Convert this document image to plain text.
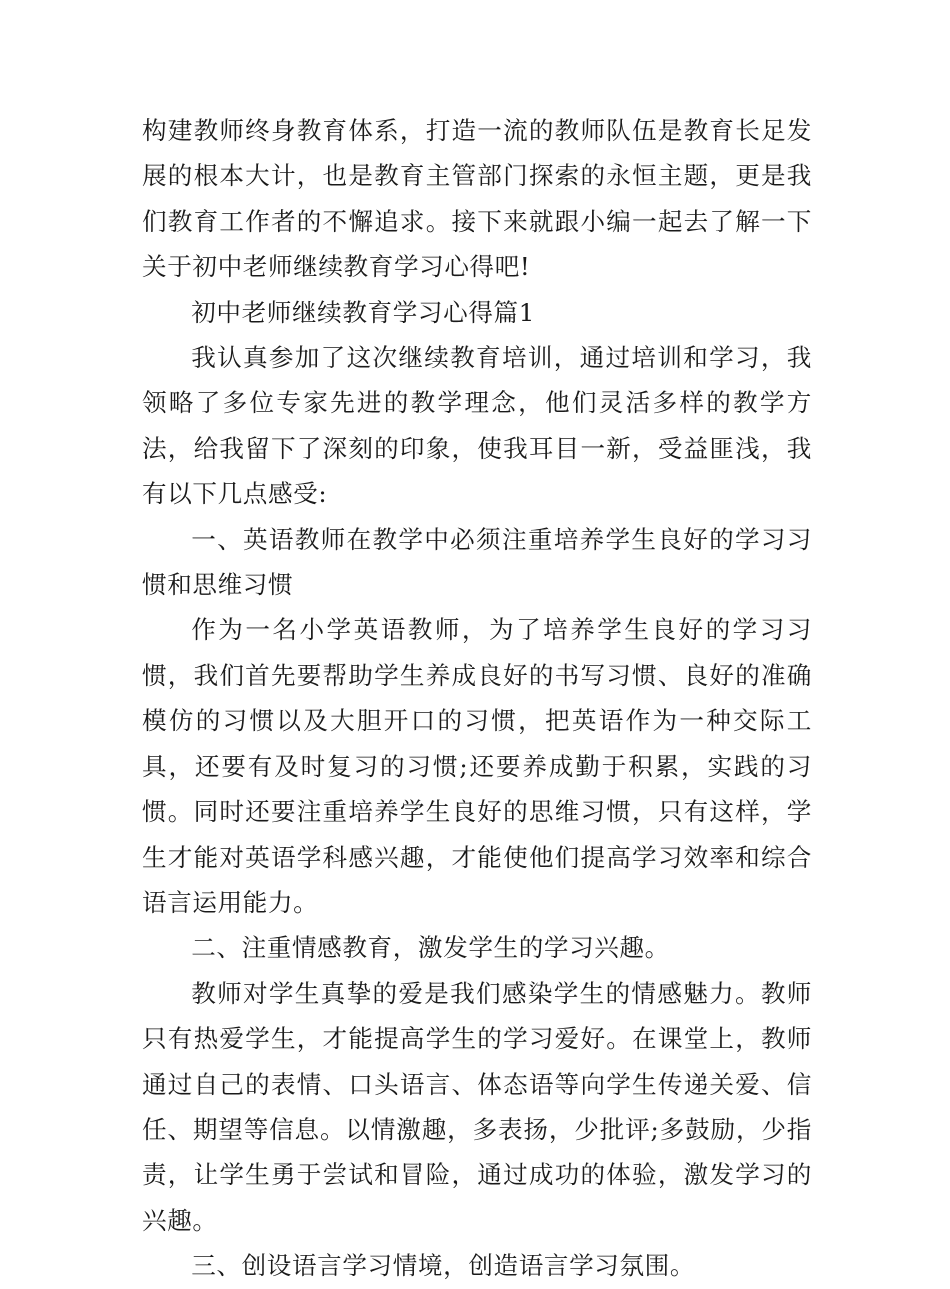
构建教师终身教育体系，打造一流的教师队伍是教育长足发展的根本大计，也是教育主管部门探索的永恒主题，更是我们教育工作者的不懈追求。接下来就跟小编一起去了解一下关于初中老师继续教育学习心得吧!

初中老师继续教育学习心得篇1

我认真参加了这次继续教育培训，通过培训和学习，我领略了多位专家先进的教学理念，他们灵活多样的教学方法，给我留下了深刻的印象，使我耳目一新，受益匪浅，我有以下几点感受:

一、英语教师在教学中必须注重培养学生良好的学习习惯和思维习惯

作为一名小学英语教师，为了培养学生良好的学习习惯，我们首先要帮助学生养成良好的书写习惯、良好的准确模仿的习惯以及大胆开口的习惯，把英语作为一种交际工具，还要有及时复习的习惯;还要养成勤于积累，实践的习惯。同时还要注重培养学生良好的思维习惯，只有这样，学生才能对英语学科感兴趣，才能使他们提高学习效率和综合语言运用能力。

二、注重情感教育，激发学生的学习兴趣。

教师对学生真挚的爱是我们感染学生的情感魅力。教师只有热爱学生，才能提高学生的学习爱好。在课堂上，教师通过自己的表情、口头语言、体态语等向学生传递关爱、信任、期望等信息。以情激趣，多表扬，少批评;多鼓励，少指责，让学生勇于尝试和冒险，通过成功的体验，激发学习的兴趣。

三、创设语言学习情境，创造语言学习氛围。
